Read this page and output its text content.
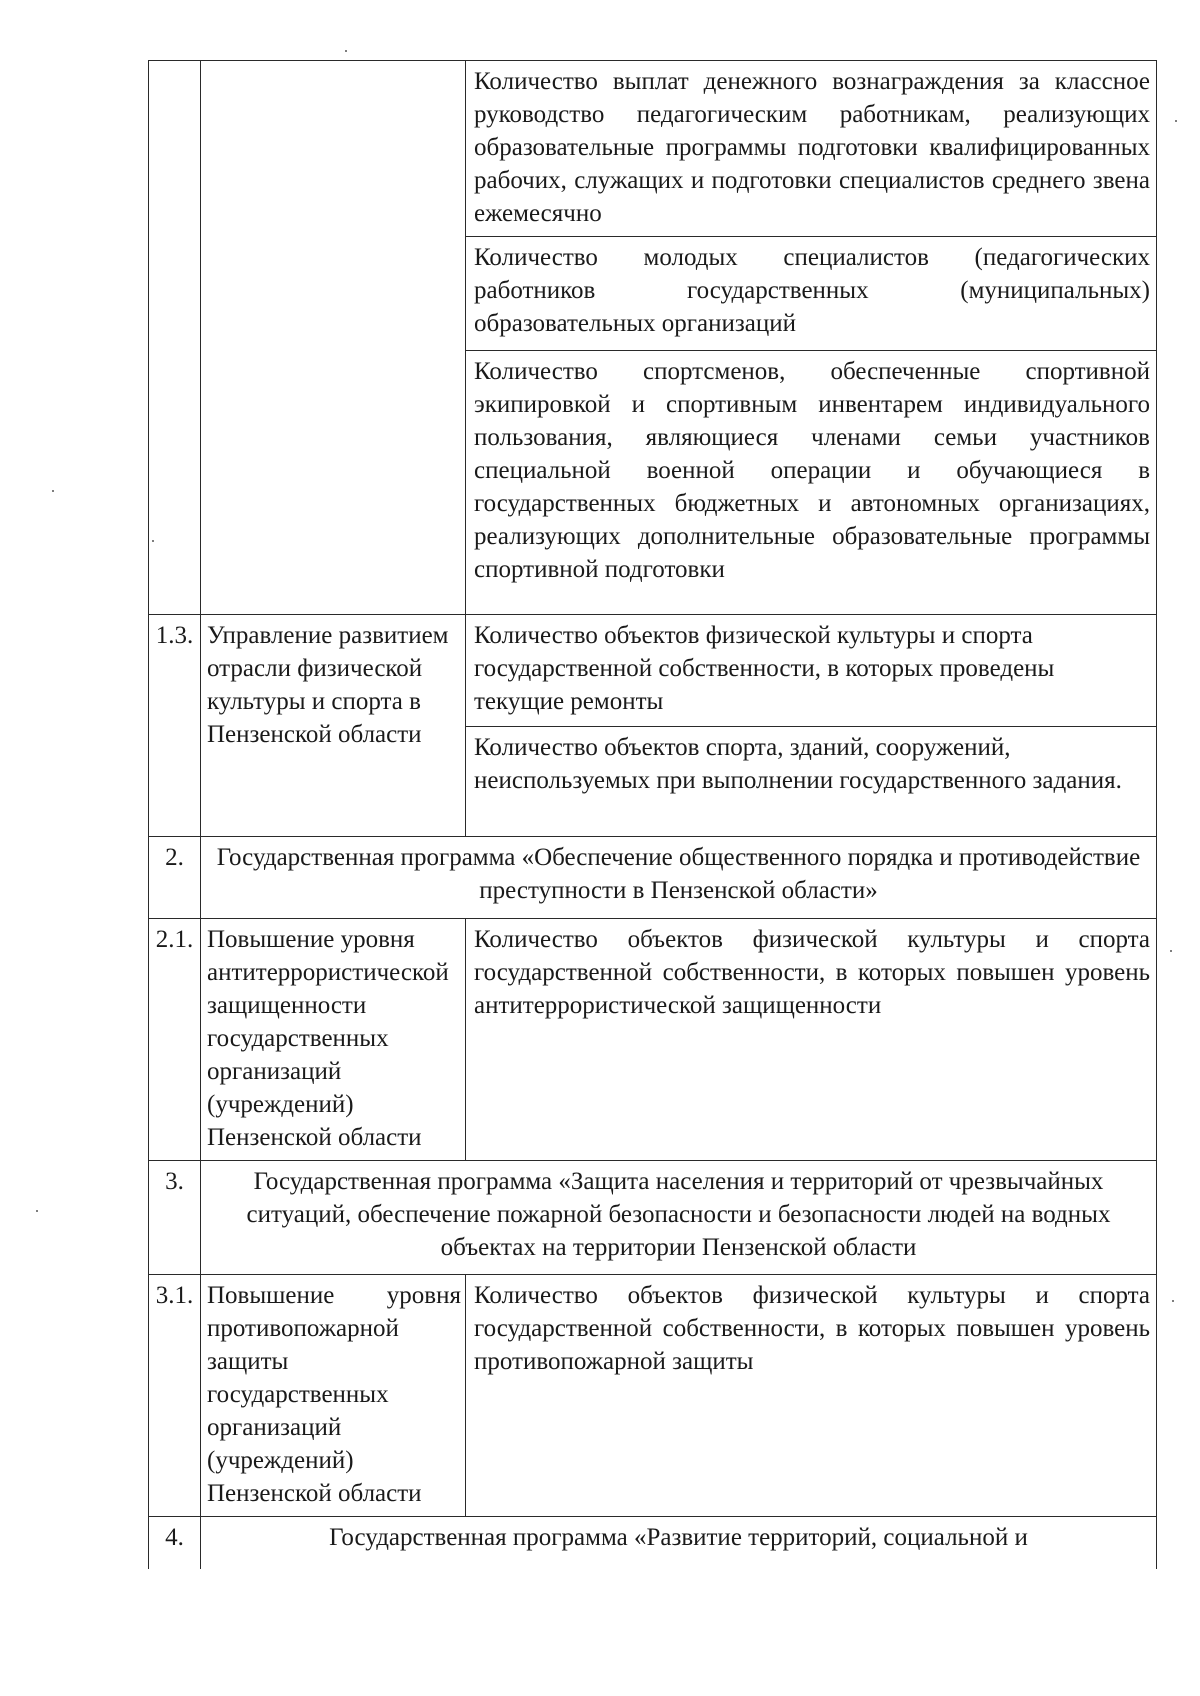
		Количество выплат денежного вознаграждения за классное руководство педагогическим работникам, реализующих образовательные программы подготовки квалифицированных рабочих, служащих и подготовки специалистов среднего звена ежемесячно
		Количество молодых специалистов (педагогических работников государственных (муниципальных) образовательных организаций
		Количество спортсменов, обеспеченные спортивной экипировкой и спортивным инвентарем индивидуального пользования, являющиеся членами семьи участников специальной военной операции и обучающиеся в государственных бюджетных и автономных организациях, реализующих дополнительные образовательные программы спортивной подготовки
1.3.	Управление развитием отрасли физической культуры и спорта в Пензенской области	Количество объектов физической культуры и спорта государственной собственности, в которых проведены текущие ремонты
		Количество объектов спорта, зданий, сооружений, неиспользуемых при выполнении государственного задания.
2.	Государственная программа «Обеспечение общественного порядка и противодействие преступности в Пензенской области»	

2.1.	Повышение уровня антитеррористической защищенности государственных организаций (учреждений) Пензенской области	Количество объектов физической культуры и спорта государственной собственности, в которых повышен уровень антитеррористической защищенности
3.	Государственная программа «Защита населения и территорий от чрезвычайных ситуаций, обеспечение пожарной безопасности и безопасности людей на водных объектах на территории Пензенской области	

3.1.	Повышение уровня противопожарной защиты государственных организаций (учреждений) Пензенской области	Количество объектов физической культуры и спорта государственной собственности, в которых повышен уровень противопожарной защиты
4.	Государственная программа «Развитие территорий, социальной и	
